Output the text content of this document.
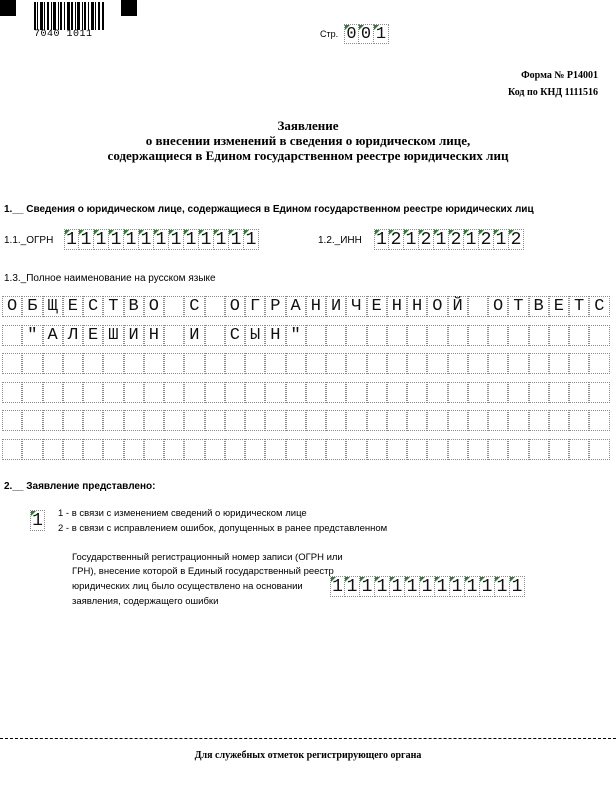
7040 1011	Стр. 0 0 1
Форма № Р14001
Код по КНД 1111516
Заявление
о внесении изменений в сведения о юридическом лице,
содержащиеся в Едином государственном реестре юридических лиц
1.__ Сведения о юридическом лице, содержащиеся в Едином государственном реестре юридических лиц
1.1._ОГРН 1 1 1 1 1 1 1 1 1 1 1 1 1	1.2._ИНН 1 2 1 2 1 2 1 2 1 2
1.3._Полное наименование на русском языке
О Б Щ Е С Т В О С О Г Р А Н И Ч Е Н Н О Й О Т В Е Т С
" А Л Е Ш И Н И С Ы Н "
2.__ Заявление представлено:
1 1 - в связи с изменением сведений о юридическом лице
2 - в связи с исправлением ошибок, допущенных в ранее представленном
Государственный регистрационный номер записи (ОГРН или
ГРН), внесение которой в Единый государственный реестр
юридических лиц было осуществлено на основании
заявления, содержащего ошибки
1 1 1 1 1 1 1 1 1 1 1 1 1
Для служебных отметок регистрирующего органа
